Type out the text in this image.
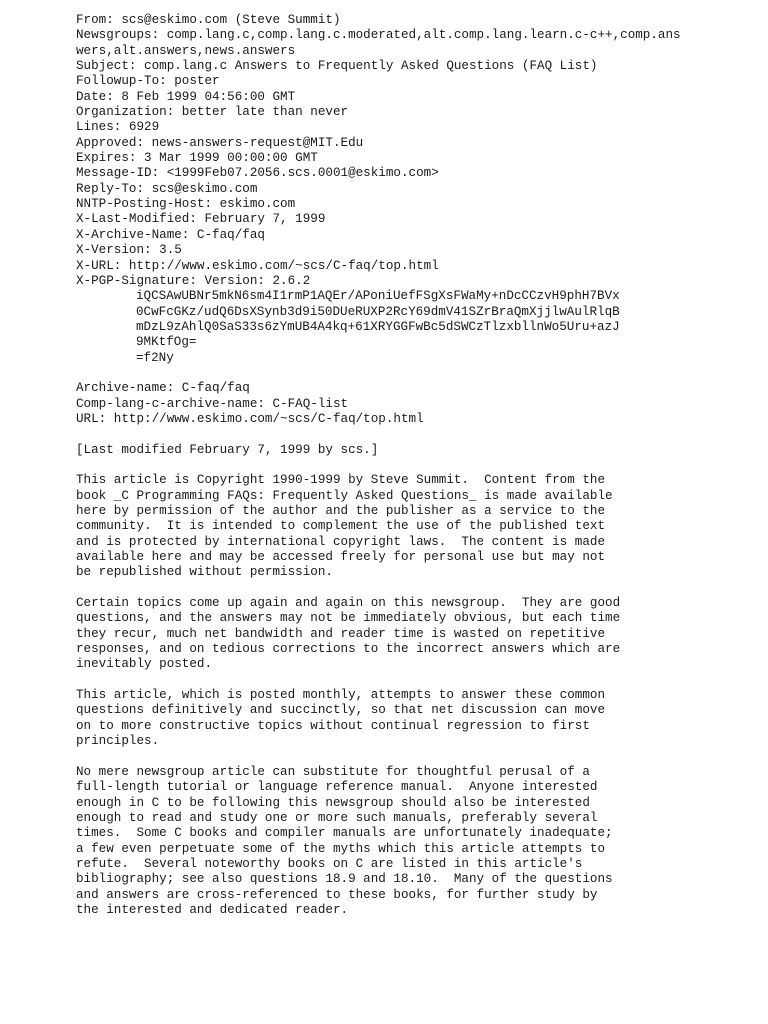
From: scs@eskimo.com (Steve Summit)
Newsgroups: comp.lang.c,comp.lang.c.moderated,alt.comp.lang.learn.c-c++,comp.ans
wers,alt.answers,news.answers
Subject: comp.lang.c Answers to Frequently Asked Questions (FAQ List)
Followup-To: poster
Date: 8 Feb 1999 04:56:00 GMT
Organization: better late than never
Lines: 6929
Approved: news-answers-request@MIT.Edu
Expires: 3 Mar 1999 00:00:00 GMT
Message-ID: <1999Feb07.2056.scs.0001@eskimo.com>
Reply-To: scs@eskimo.com
NNTP-Posting-Host: eskimo.com
X-Last-Modified: February 7, 1999
X-Archive-Name: C-faq/faq
X-Version: 3.5
X-URL: http://www.eskimo.com/~scs/C-faq/top.html
X-PGP-Signature: Version: 2.6.2
iQCSAwUBNr5mkN6sm4I1rmP1AQEr/APoniUefFSgXsFWaMy+nDcCCzvH9phH7BVx
0CwFcGKz/udQ6DsXSynb3d9i50DUeRUXP2RcY69dmV41SZrBraQmXjjlwAulRlqB
mDzL9zAhlQ0SaS33s6zYmUB4A4kq+61XRYGGFwBc5dSWCzTlzxbllnWo5Uru+azJ
9MKtfOg=
=f2Ny
Archive-name: C-faq/faq
Comp-lang-c-archive-name: C-FAQ-list
URL: http://www.eskimo.com/~scs/C-faq/top.html
[Last modified February 7, 1999 by scs.]
This article is Copyright 1990-1999 by Steve Summit.  Content from the
book _C Programming FAQs: Frequently Asked Questions_ is made available
here by permission of the author and the publisher as a service to the
community.  It is intended to complement the use of the published text
and is protected by international copyright laws.  The content is made
available here and may be accessed freely for personal use but may not
be republished without permission.
Certain topics come up again and again on this newsgroup.  They are good
questions, and the answers may not be immediately obvious, but each time
they recur, much net bandwidth and reader time is wasted on repetitive
responses, and on tedious corrections to the incorrect answers which are
inevitably posted.
This article, which is posted monthly, attempts to answer these common
questions definitively and succinctly, so that net discussion can move
on to more constructive topics without continual regression to first
principles.
No mere newsgroup article can substitute for thoughtful perusal of a
full-length tutorial or language reference manual.  Anyone interested
enough in C to be following this newsgroup should also be interested
enough to read and study one or more such manuals, preferably several
times.  Some C books and compiler manuals are unfortunately inadequate;
a few even perpetuate some of the myths which this article attempts to
refute.  Several noteworthy books on C are listed in this article's
bibliography; see also questions 18.9 and 18.10.  Many of the questions
and answers are cross-referenced to these books, for further study by
the interested and dedicated reader.
